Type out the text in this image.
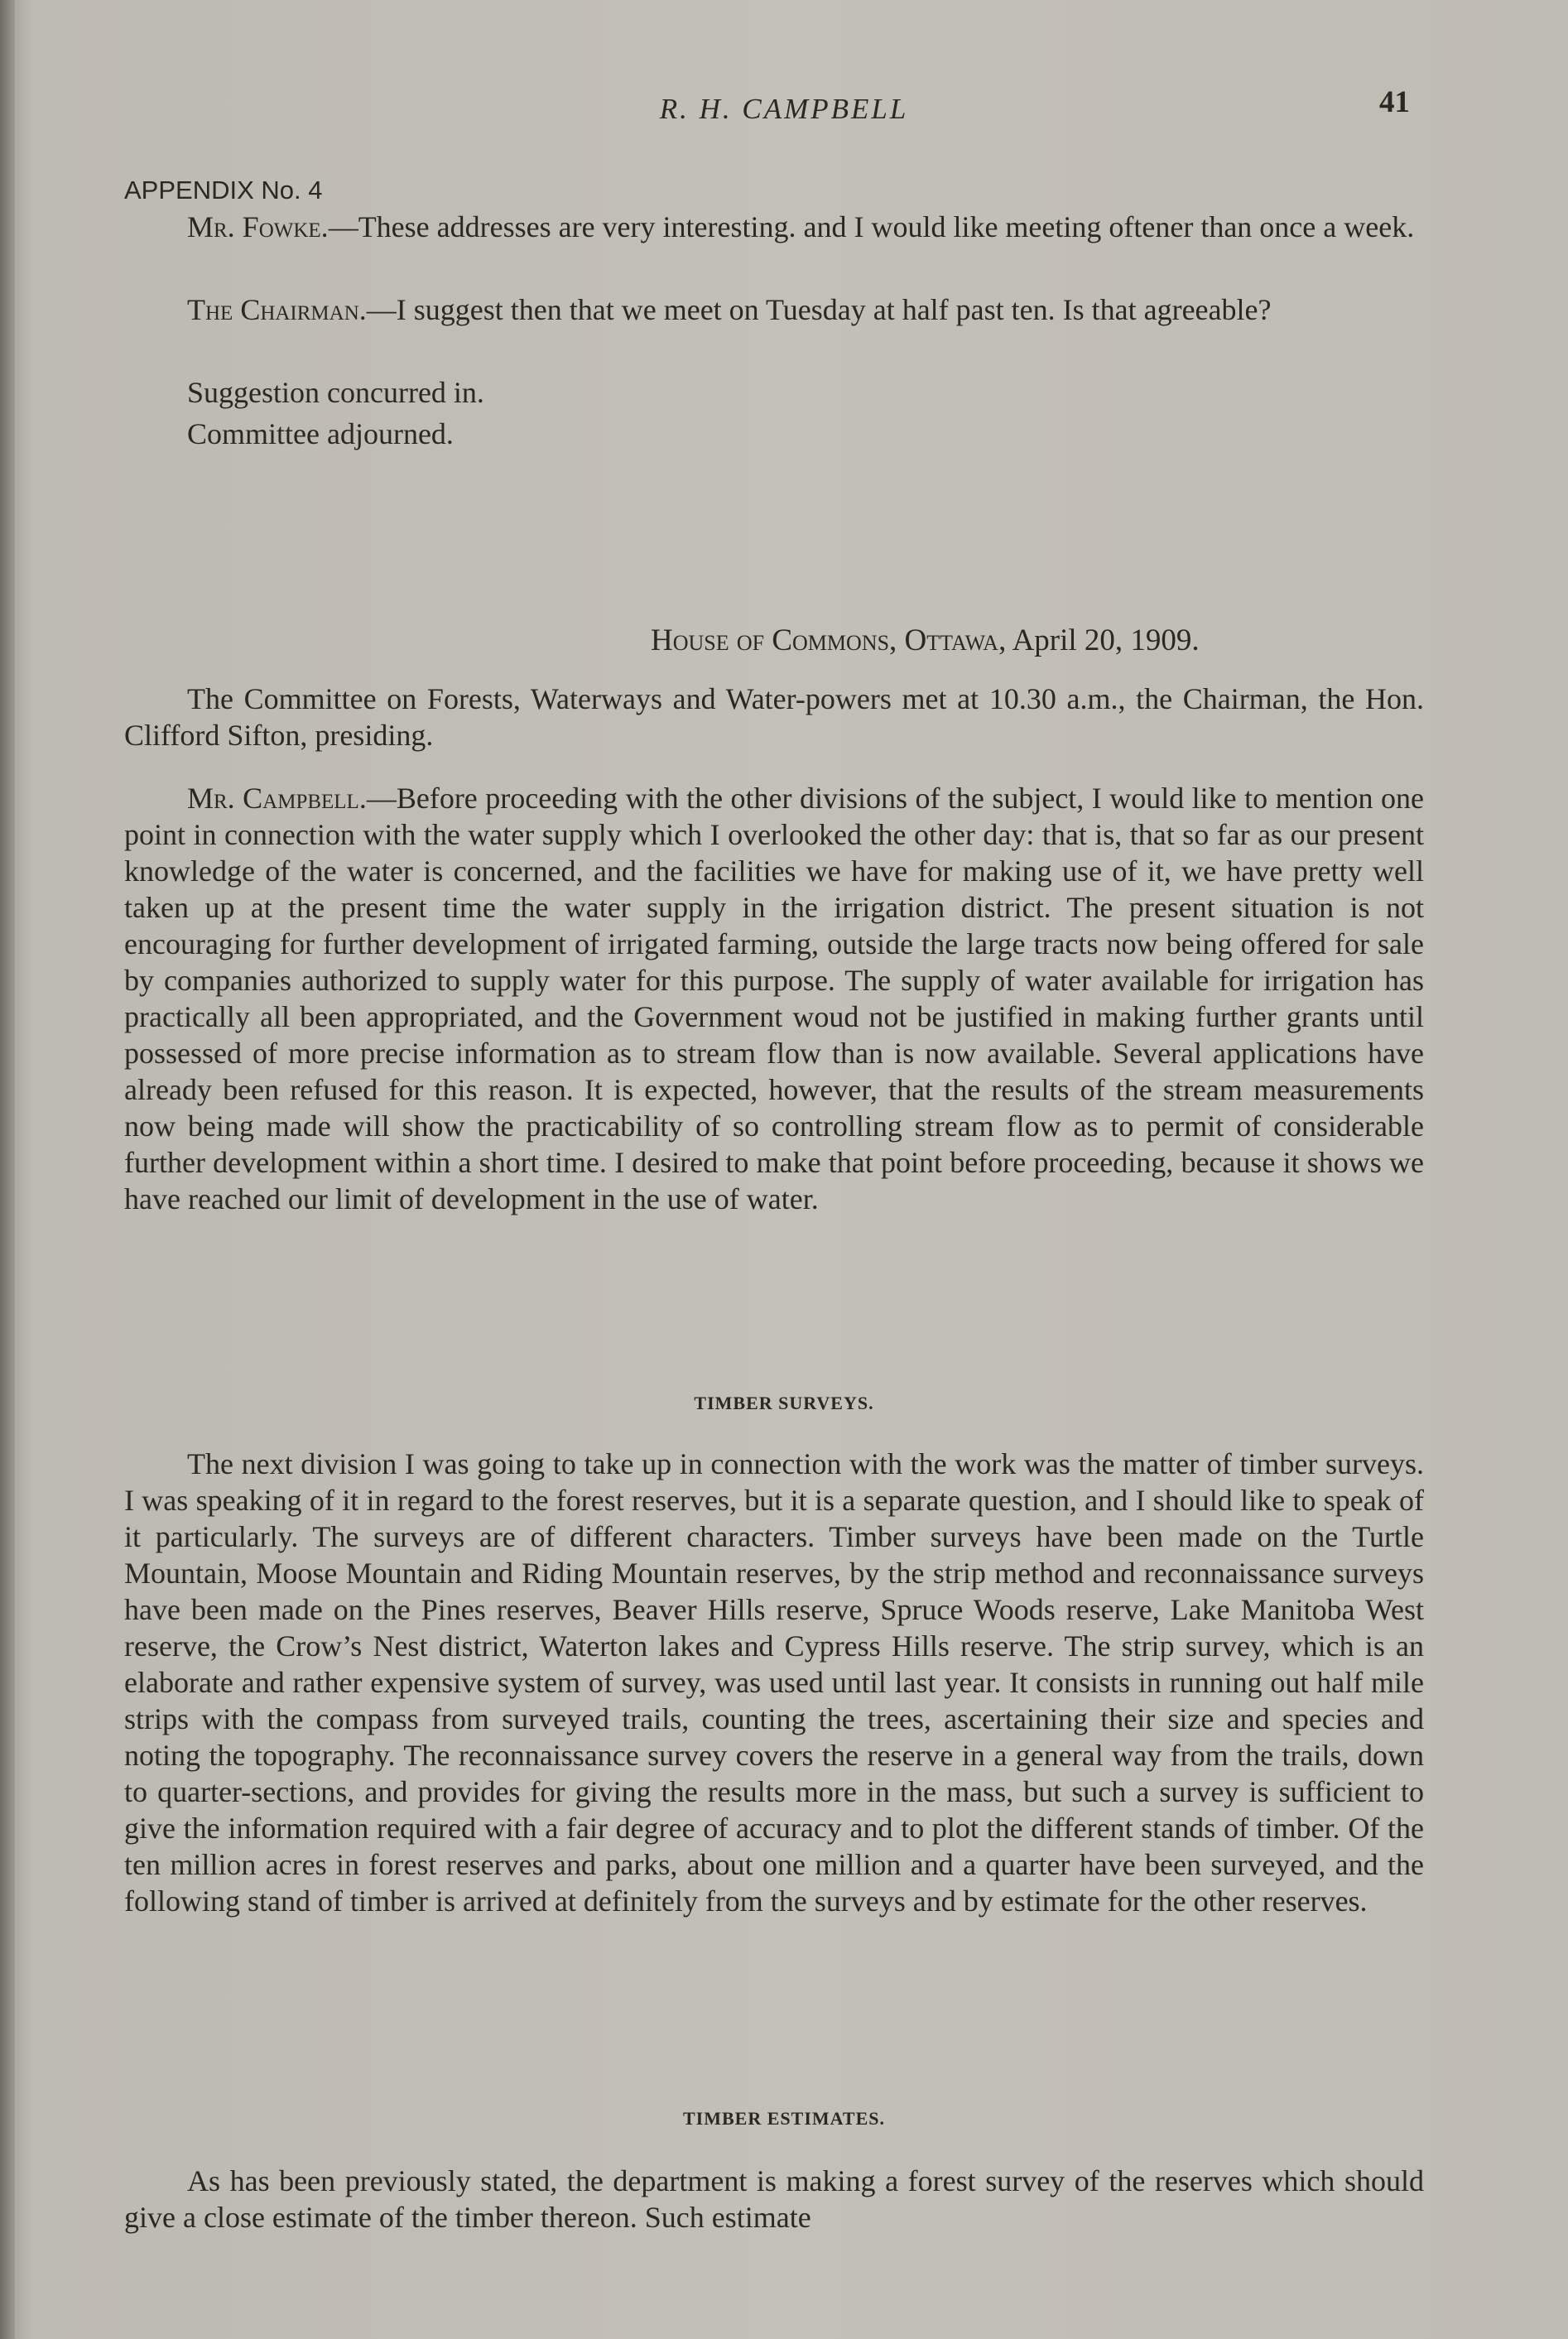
R. H. CAMPBELL	41
APPENDIX No. 4

Mr. Fowke.—These addresses are very interesting. and I would like meeting oftener than once a week.

The Chairman.—I suggest then that we meet on Tuesday at half past ten. Is that agreeable?

Suggestion concurred in.

Committee adjourned.

House of Commons, Ottawa, April 20, 1909.

The Committee on Forests, Waterways and Water-powers met at 10.30 a.m., the Chairman, the Hon. Clifford Sifton, presiding.

Mr. Campbell.—Before proceeding with the other divisions of the subject, I would like to mention one point in connection with the water supply which I overlooked the other day: that is, that so far as our present knowledge of the water is concerned, and the facilities we have for making use of it, we have pretty well taken up at the present time the water supply in the irrigation district. The present situation is not encouraging for further development of irrigated farming, outside the large tracts now being offered for sale by companies authorized to supply water for this purpose. The supply of water available for irrigation has practically all been appropriated, and the Government woud not be justified in making further grants until possessed of more precise information as to stream flow than is now available. Several applications have already been refused for this reason. It is expected, however, that the results of the stream measurements now being made will show the practicability of so controlling stream flow as to permit of considerable further development within a short time. I desired to make that point before proceeding, because it shows we have reached our limit of development in the use of water.

TIMBER SURVEYS.

The next division I was going to take up in connection with the work was the matter of timber surveys. I was speaking of it in regard to the forest reserves, but it is a separate question, and I should like to speak of it particularly. The surveys are of different characters. Timber surveys have been made on the Turtle Mountain, Moose Mountain and Riding Mountain reserves, by the strip method and reconnaissance surveys have been made on the Pines reserves, Beaver Hills reserve, Spruce Woods reserve, Lake Manitoba West reserve, the Crow’s Nest district, Waterton lakes and Cypress Hills reserve. The strip survey, which is an elaborate and rather expensive system of survey, was used until last year. It consists in running out half mile strips with the compass from surveyed trails, counting the trees, ascertaining their size and species and noting the topography. The reconnaissance survey covers the reserve in a general way from the trails, down to quarter-sections, and provides for giving the results more in the mass, but such a survey is sufficient to give the information required with a fair degree of accuracy and to plot the different stands of timber. Of the ten million acres in forest reserves and parks, about one million and a quarter have been surveyed, and the following stand of timber is arrived at definitely from the surveys and by estimate for the other reserves.

TIMBER ESTIMATES.

As has been previously stated, the department is making a forest survey of the reserves which should give a close estimate of the timber thereon. Such estimate
